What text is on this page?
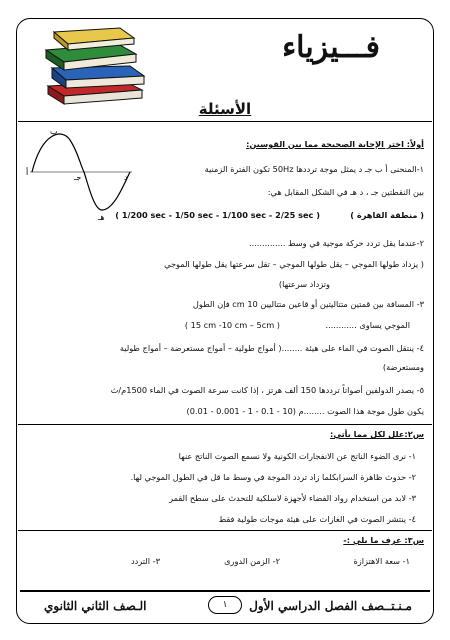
فـــيزياء
الأسئلة
أ
ب
جـ
هـ
د
أولاً: اختر الإجابة الصحيحة مما بين القوسين:
١-المنحنى أ ب جـ د يمثل موجة ترددها 50Hz تكون الفترة الزمنية
بين النقطتين جـ ، د هـ في الشكل المقابل هي:
( منطقة القاهرة )
( 1/200 sec - 1/50 sec - 1/100 sec - 2/25 sec )
٢-عندما يقل تردد حركة موجية في وسط ..............
( يزداد طولها الموجي – يقل طولها الموجي – تقل سرعتها يقل طولها الموجي
وتزداد سرعتها)
٣- المسافة بين قمتين متتاليتين أو قاعين متتاليين 10 cm فإن الطول
الموجي يساوى ............
( 15 cm -10 cm – 5cm )
٤- ينتقل الصوت في الماء على هيئة ........( أمواج طولية – أمواج مستعرضة – أمواج طولية
ومستعرضة)
٥- يصدر الدولفين أصواتاً ترددها 150 ألف هرتز ، إذا كانت سرعة الصوت في الماء 1500م/ث
يكون طول موجة هذا الصوت ........م (10 - 0.1 - 1 - 0.001 - 0.01)
س٢:علل لكل مما يأتي:
١- نرى الضوء الناتج عن الانفجارات الكونية ولا نسمع الصوت الناتج عنها
٢- حدوث ظاهرة السرابكلما زاد تردد الموجة في وسط ما قل في الطول الموجي لها.
٣- لابد من استخدام رواد الفضاء لأجهزة لاسلكية للتحدث على سطح القمر
٤- ينتشر الصوت في الغازات على هيئة موجات طولية فقط
س٣: عرف ما يلي :-
١- سعة الاهتزازة
٢- الزمن الدورى
٣- التردد
الـصف الثاني الثانوي	١	مـنـتــصف الفصل الدراسي الأول
